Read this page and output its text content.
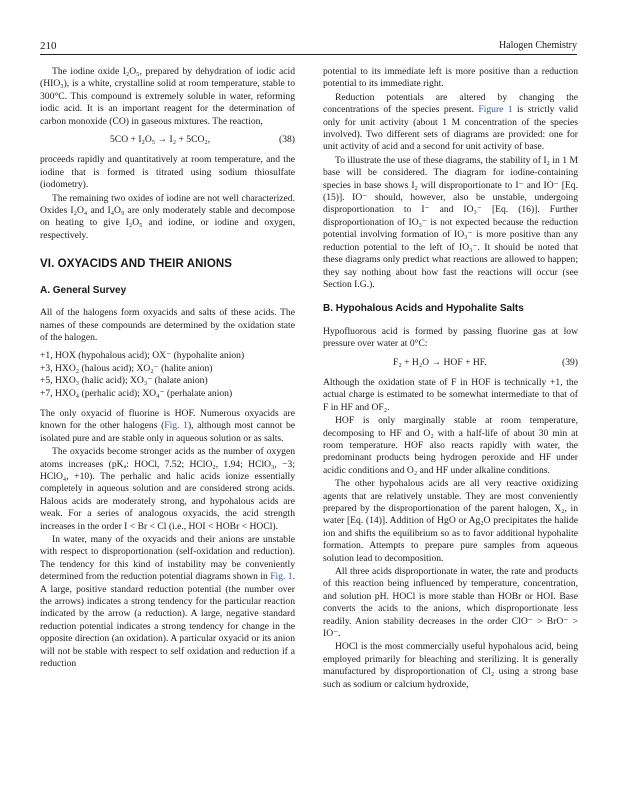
210	Halogen Chemistry

The iodine oxide I₂O₅, prepared by dehydration of iodic acid (HIO₃), is a white, crystalline solid at room temperature, stable to 300°C. This compound is extremely soluble in water, reforming iodic acid. It is an important reagent for the determination of carbon monoxide (CO) in gaseous mixtures. The reaction,

5CO + I₂O₅ → I₂ + 5CO₂,	(38)

proceeds rapidly and quantitatively at room temperature, and the iodine that is formed is titrated using sodium thiosulfate (iodometry).

The remaining two oxides of iodine are not well characterized. Oxides I₂O₄ and I₄O₉ are only moderately stable and decompose on heating to give I₂O₅ and iodine, or iodine and oxygen, respectively.

VI. OXYACIDS AND THEIR ANIONS
A. General Survey

All of the halogens form oxyacids and salts of these acids. The names of these compounds are determined by the oxidation state of the halogen.

+1, HOX (hypohalous acid); OX⁻ (hypohalite anion)
+3, HXO₂ (halous acid); XO₂⁻ (halite anion)
+5, HXO₃ (halic acid); XO₃⁻ (halate anion)
+7, HXO₄ (perhalic acid); XO₄⁻ (perhalate anion)

The only oxyacid of fluorine is HOF. Numerous oxyacids are known for the other halogens (Fig. 1), although most cannot be isolated pure and are stable only in aqueous solution or as salts.

The oxyacids become stronger acids as the number of oxygen atoms increases (pKₐ: HOCl, 7.52; HClO₂, 1.94; HClO₃, −3; HClO₄, +10). The perhalic and halic acids ionize essentially completely in aqueous solution and are considered strong acids. Halous acids are moderately strong, and hypohalous acids are weak. For a series of analogous oxyacids, the acid strength increases in the order I < Br < Cl (i.e., HOI < HOBr < HOCl).

In water, many of the oxyacids and their anions are unstable with respect to disproportionation (self-oxidation and reduction). The tendency for this kind of instability may be conveniently determined from the reduction potential diagrams shown in Fig. 1. A large, positive standard reduction potential (the number over the arrows) indicates a strong tendency for the particular reaction indicated by the arrow (a reduction). A large, negative standard reduction potential indicates a strong tendency for change in the opposite direction (an oxidation). A particular oxyacid or its anion will not be stable with respect to self oxidation and reduction if a reduction

potential to its immediate left is more positive than a reduction potential to its immediate right.

Reduction potentials are altered by changing the concentrations of the species present. Figure 1 is strictly valid only for unit activity (about 1 M concentration of the species involved). Two different sets of diagrams are provided: one for unit activity of acid and a second for unit activity of base.

To illustrate the use of these diagrams, the stability of I₂ in 1 M base will be considered. The diagram for iodine-containing species in base shows I₂ will disproportionate to I⁻ and IO⁻ [Eq. (15)]. IO⁻ should, however, also be unstable, undergoing disproportionation to I⁻ and IO₃⁻ [Eq. (16)]. Further disproportionation of IO₃⁻ is not expected because the reduction potential involving formation of IO₃⁻ is more positive than any reduction potential to the left of IO₃⁻. It should be noted that these diagrams only predict what reactions are allowed to happen; they say nothing about how fast the reactions will occur (see Section I.G.).

B. Hypohalous Acids and Hypohalite Salts

Hypofluorous acid is formed by passing fluorine gas at low pressure over water at 0°C:

F₂ + H₂O → HOF + HF.	(39)

Although the oxidation state of F in HOF is technically +1, the actual charge is estimated to be somewhat intermediate to that of F in HF and OF₂.

HOF is only marginally stable at room temperature, decomposing to HF and O₂ with a half-life of about 30 min at room temperature. HOF also reacts rapidly with water, the predominant products being hydrogen peroxide and HF under acidic conditions and O₂ and HF under alkaline conditions.

The other hypohalous acids are all very reactive oxidizing agents that are relatively unstable. They are most conveniently prepared by the disproportionation of the parent halogen, X₂, in water [Eq. (14)]. Addition of HgO or Ag₂O precipitates the halide ion and shifts the equilibrium so as to favor additional hypohalite formation. Attempts to prepare pure samples from aqueous solution lead to decomposition.

All three acids disproportionate in water, the rate and products of this reaction being influenced by temperature, concentration, and solution pH. HOCl is more stable than HOBr or HOI. Base converts the acids to the anions, which disproportionate less readily. Anion stability decreases in the order ClO⁻ > BrO⁻ > IO⁻.

HOCl is the most commercially useful hypohalous acid, being employed primarily for bleaching and sterilizing. It is generally manufactured by disproportionation of Cl₂ using a strong base such as sodium or calcium hydroxide,
